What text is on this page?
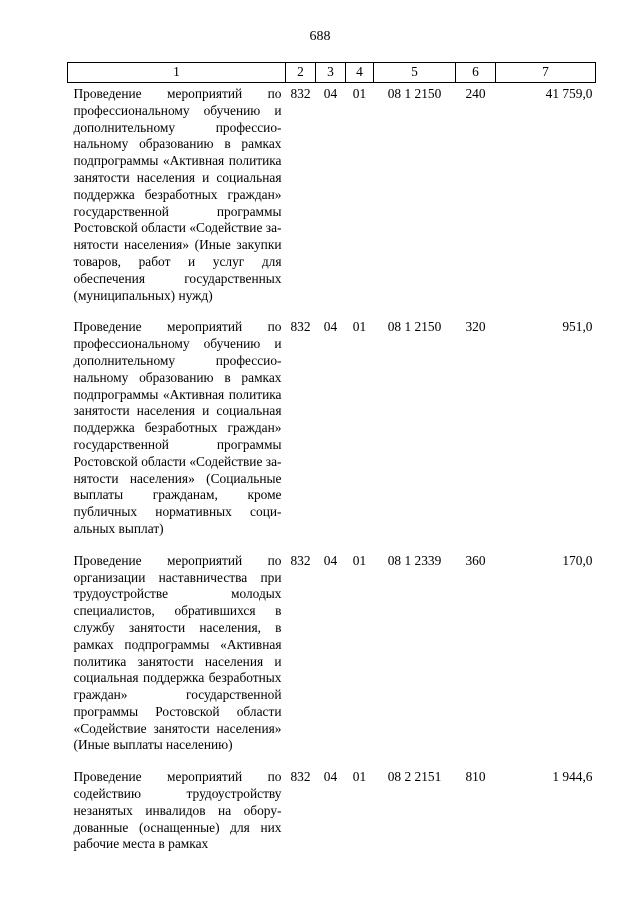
688
1	2	3	4	5	6	7
Проведение мероприятий по профессиональному обучению и дополнительному профессиональному образованию в рамках подпрограммы «Активная политика занятости населения и социальная поддержка безработных граждан» государственной программы Ростовской области «Содействие занятости населения» (Иные закупки товаров, работ и услуг для обеспечения государственных (муниципальных) нужд)	832	04	01	08 1 2150	240	41 759,0
Проведение мероприятий по профессиональному обучению и дополнительному профессиональному образованию в рамках подпрограммы «Активная политика занятости населения и социальная поддержка безработных граждан» государственной программы Ростовской области «Содействие занятости населения» (Социальные выплаты гражданам, кроме публичных нормативных социальных выплат)	832	04	01	08 1 2150	320	951,0
Проведение мероприятий по организации наставничества при трудоустройстве молодых специалистов, обратившихся в службу занятости населения, в рамках подпрограммы «Активная политика занятости населения и социальная поддержка безработных граждан» государственной программы Ростовской области «Содействие занятости населения» (Иные выплаты населению)	832	04	01	08 1 2339	360	170,0
Проведение мероприятий по содействию трудоустройству незанятых инвалидов на оборудованные (оснащенные) для них рабочие места в рамках	832	04	01	08 2 2151	810	1 944,6
